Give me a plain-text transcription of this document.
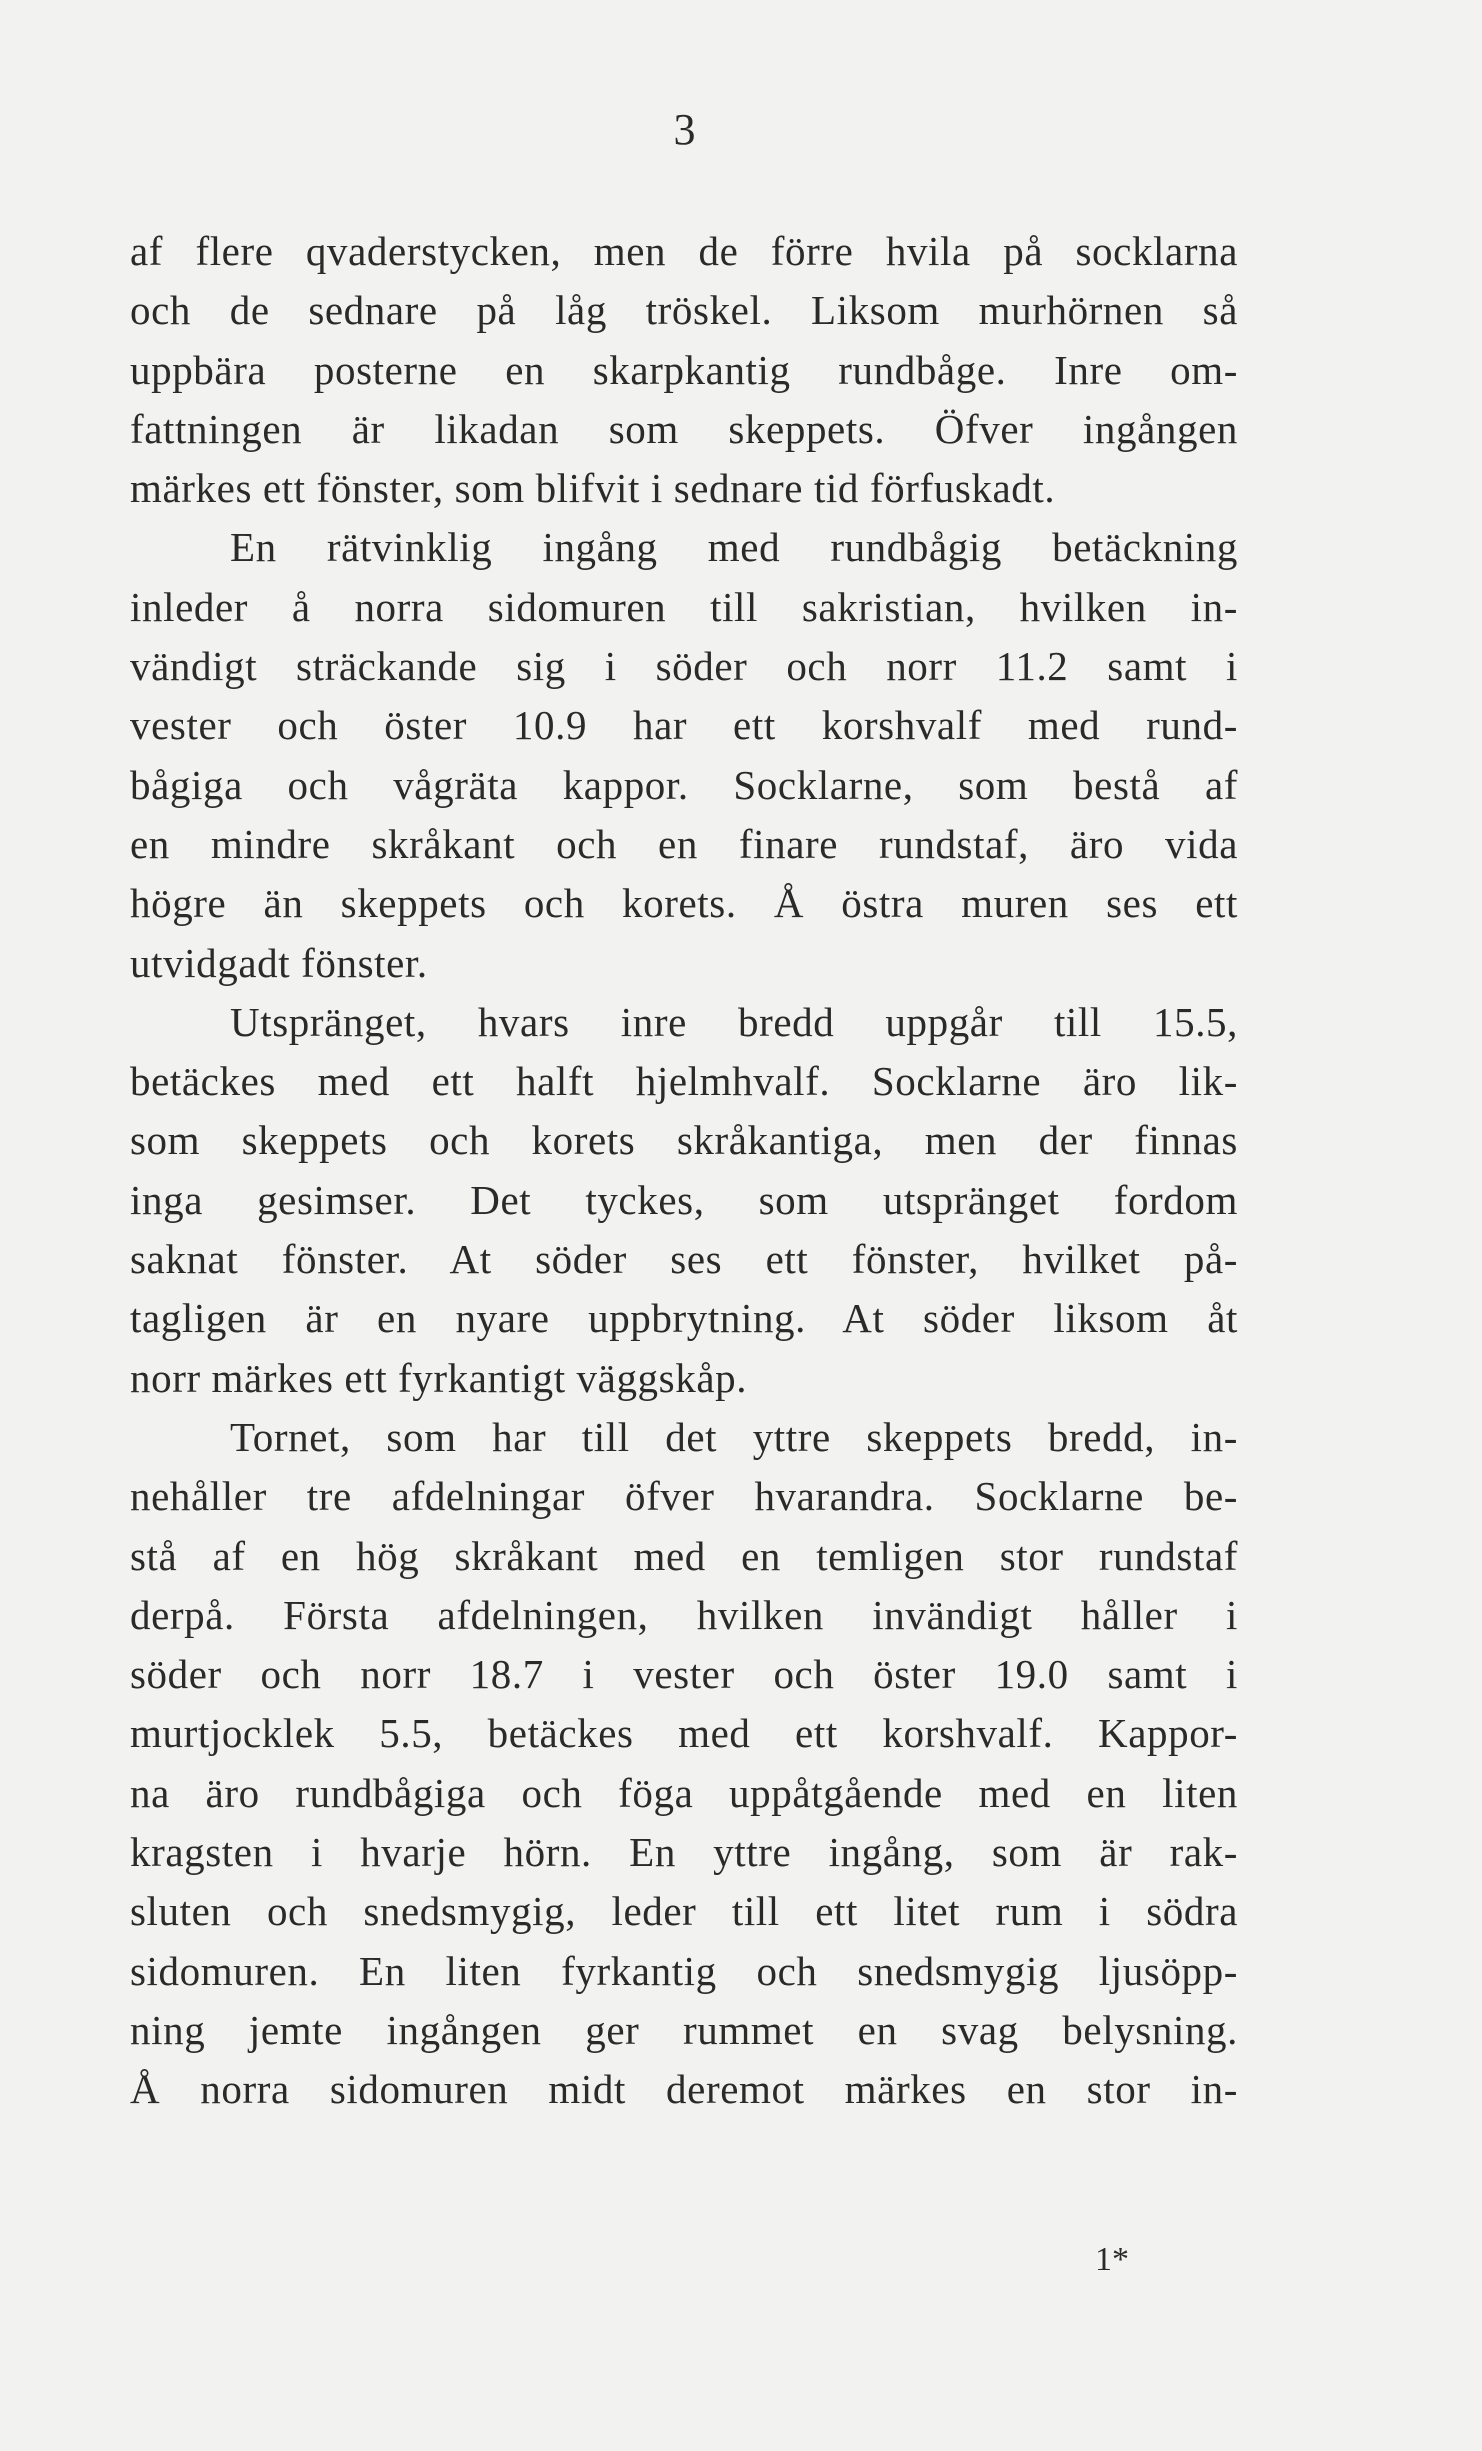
3
af flere qvaderstycken, men de förre hvila på socklarna
och de sednare på låg tröskel. Liksom murhörnen så
uppbära posterne en skarpkantig rundbåge. Inre om-
fattningen är likadan som skeppets. Öfver ingången
märkes ett fönster, som blifvit i sednare tid förfuskadt.
En rätvinklig ingång med rundbågig betäckning
inleder å norra sidomuren till sakristian, hvilken in-
vändigt sträckande sig i söder och norr 11.2 samt i
vester och öster 10.9 har ett korshvalf med rund-
bågiga och vågräta kappor. Socklarne, som bestå af
en mindre skråkant och en finare rundstaf, äro vida
högre än skeppets och korets. Å östra muren ses ett
utvidgadt fönster.
Utspränget, hvars inre bredd uppgår till 15.5,
betäckes med ett halft hjelmhvalf. Socklarne äro lik-
som skeppets och korets skråkantiga, men der finnas
inga gesimser. Det tyckes, som utspränget fordom
saknat fönster. At söder ses ett fönster, hvilket på-
tagligen är en nyare uppbrytning. At söder liksom åt
norr märkes ett fyrkantigt väggskåp.
Tornet, som har till det yttre skeppets bredd, in-
nehåller tre afdelningar öfver hvarandra. Socklarne be-
stå af en hög skråkant med en temligen stor rundstaf
derpå. Första afdelningen, hvilken invändigt håller i
söder och norr 18.7 i vester och öster 19.0 samt i
murtjocklek 5.5, betäckes med ett korshvalf. Kappor-
na äro rundbågiga och föga uppåtgående med en liten
kragsten i hvarje hörn. En yttre ingång, som är rak-
sluten och snedsmygig, leder till ett litet rum i södra
sidomuren. En liten fyrkantig och snedsmygig ljusöpp-
ning jemte ingången ger rummet en svag belysning.
Å norra sidomuren midt deremot märkes en stor in-
1*
